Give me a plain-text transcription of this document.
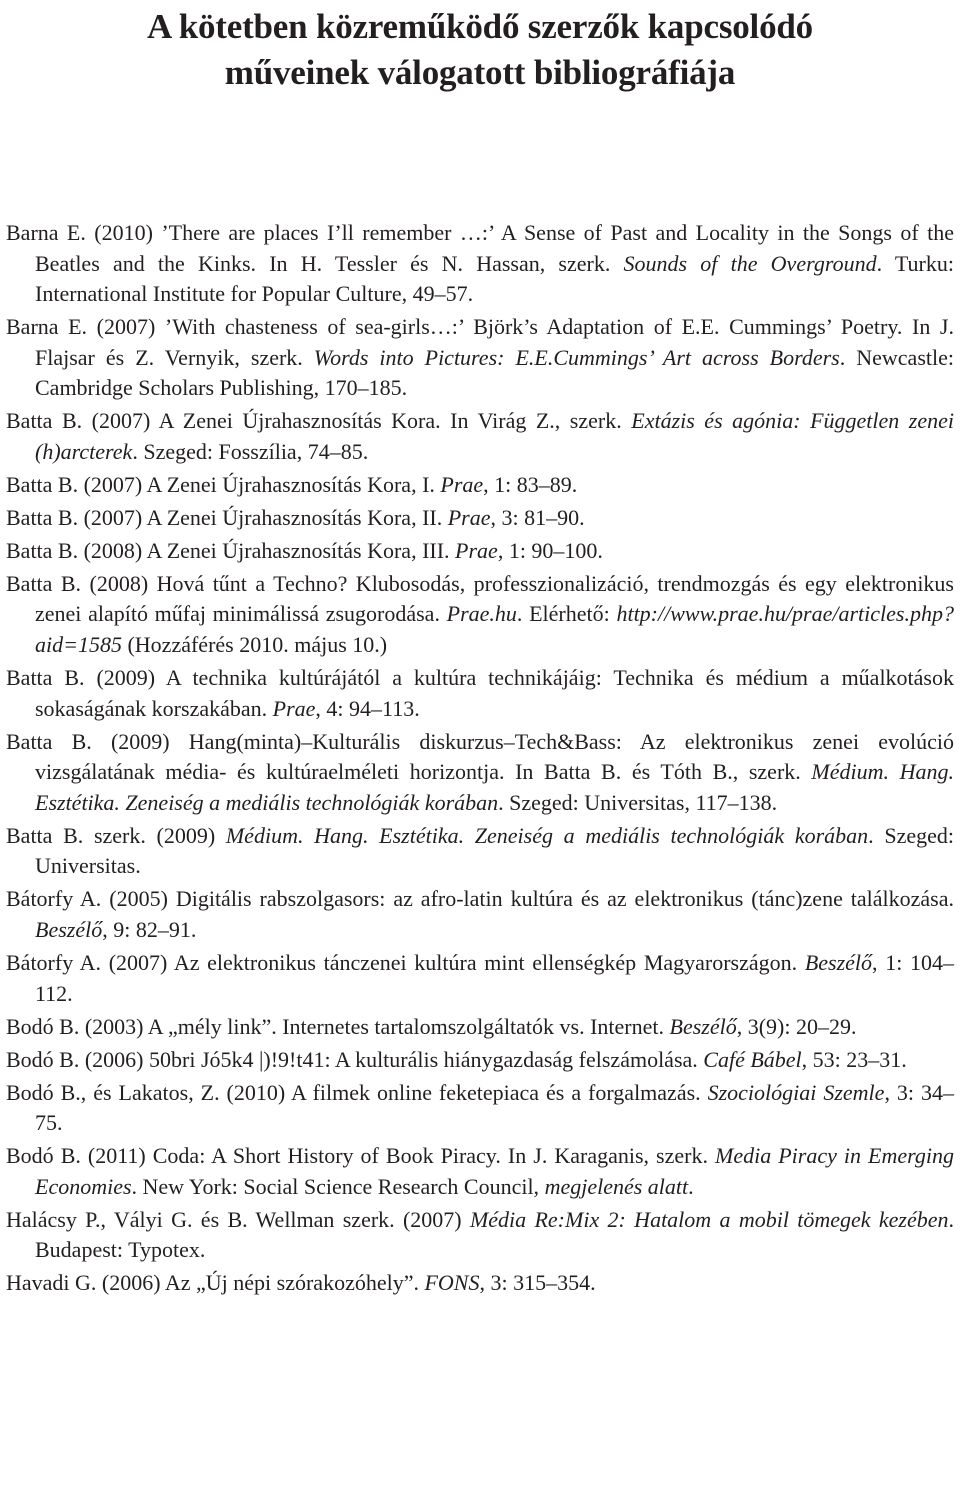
A kötetben közreműködő szerzők kapcsolódó
műveinek válogatott bibliográfiája
Barna E. (2010) ’There are places I’ll remember …:’ A Sense of Past and Locality in the Songs of the Beatles and the Kinks. In H. Tessler és N. Hassan, szerk. Sounds of the Overground. Turku: International Institute for Popular Culture, 49–57.
Barna E. (2007) ’With chasteness of sea-girls…:’ Björk’s Adaptation of E.E. Cummings’ Poetry. In J. Flajsar és Z. Vernyik, szerk. Words into Pictures: E.E.Cummings’ Art across Borders. Newcastle: Cambridge Scholars Publishing, 170–185.
Batta B. (2007) A Zenei Újrahasznosítás Kora. In Virág Z., szerk. Extázis és agónia: Független zenei (h)arcterek. Szeged: Fosszília, 74–85.
Batta B. (2007) A Zenei Újrahasznosítás Kora, I. Prae, 1: 83–89.
Batta B. (2007) A Zenei Újrahasznosítás Kora, II. Prae, 3: 81–90.
Batta B. (2008) A Zenei Újrahasznosítás Kora, III. Prae, 1: 90–100.
Batta B. (2008) Hová tűnt a Techno? Klubosodás, professzionalizáció, trendmozgás és egy elektronikus zenei alapító műfaj minimálissá zsugorodása. Prae.hu. Elérhető: http://www.prae.hu/prae/articles.php?aid=1585 (Hozzáférés 2010. május 10.)
Batta B. (2009) A technika kultúrájától a kultúra technikájáig: Technika és médium a műalkotások sokaságának korszakában. Prae, 4: 94–113.
Batta B. (2009) Hang(minta)–Kulturális diskurzus–Tech&Bass: Az elektronikus zenei evolúció vizsgálatának média- és kultúraelméleti horizontja. In Batta B. és Tóth B., szerk. Médium. Hang. Esztétika. Zeneiség a mediális technológiák korában. Szeged: Universitas, 117–138.
Batta B. szerk. (2009) Médium. Hang. Esztétika. Zeneiség a mediális technológiák korában. Szeged: Universitas.
Bátorfy A. (2005) Digitális rabszolgasors: az afro-latin kultúra és az elektronikus (tánc)zene találkozása. Beszélő, 9: 82–91.
Bátorfy A. (2007) Az elektronikus tánczenei kultúra mint ellenségkép Magyarországon. Beszélő, 1: 104–112.
Bodó B. (2003) A „mély link”. Internetes tartalomszolgáltatók vs. Internet. Beszélő, 3(9): 20–29.
Bodó B. (2006) 50bri Jó5k4 |)!9!t41: A kulturális hiánygazdaság felszámolása. Café Bábel, 53: 23–31.
Bodó B., és Lakatos, Z. (2010) A filmek online feketepiaca és a forgalmazás. Szociológiai Szemle, 3: 34–75.
Bodó B. (2011) Coda: A Short History of Book Piracy. In J. Karaganis, szerk. Media Piracy in Emerging Economies. New York: Social Science Research Council, megjelenés alatt.
Halácsy P., Vályi G. és B. Wellman szerk. (2007) Média Re:Mix 2: Hatalom a mobil tömegek kezében. Budapest: Typotex.
Havadi G. (2006) Az „Új népi szórakozóhely”. FONS, 3: 315–354.
